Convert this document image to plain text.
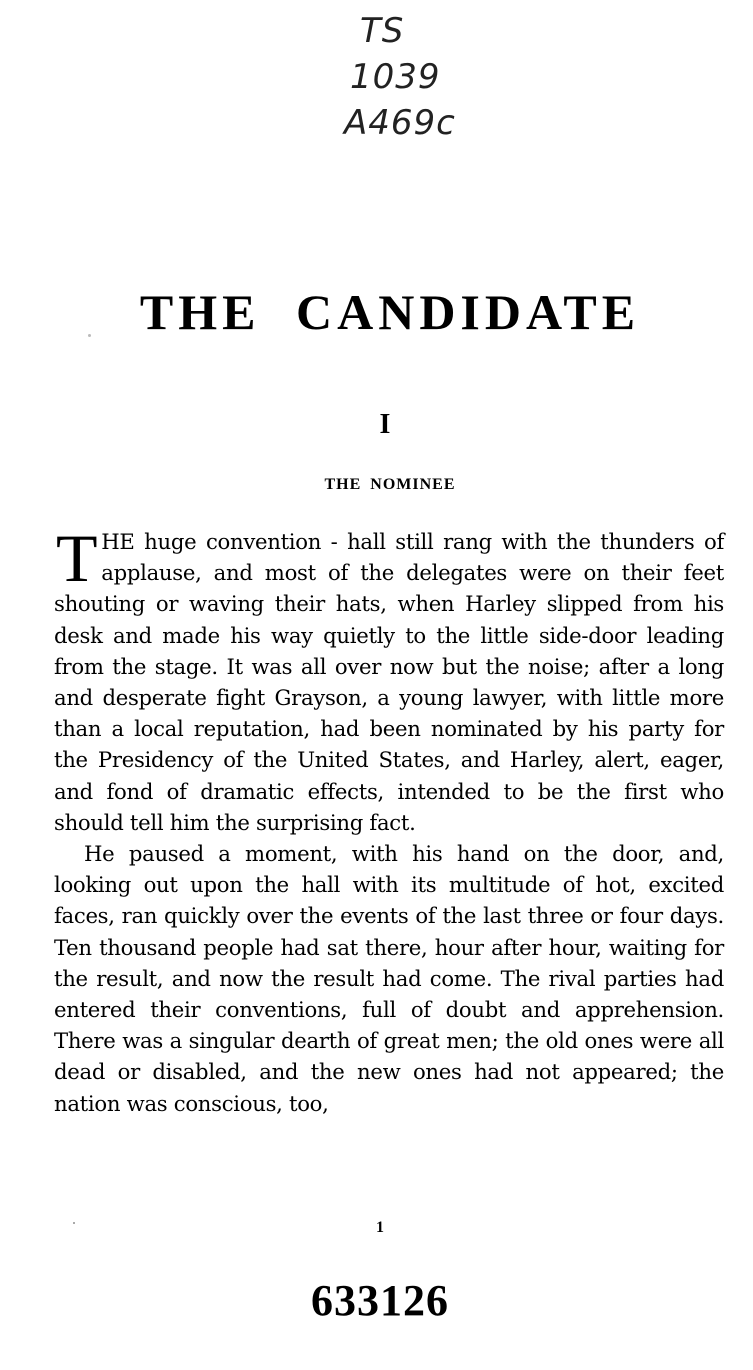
TS
1039
A469c
THE CANDIDATE
I
THE NOMINEE

THE huge convention - hall still rang with the thunders of applause, and most of the delegates were on their feet shouting or waving their hats, when Harley slipped from his desk and made his way quietly to the little side-door leading from the stage. It was all over now but the noise; after a long and desperate fight Grayson, a young lawyer, with little more than a local reputation, had been nominated by his party for the Presidency of the United States, and Harley, alert, eager, and fond of dramatic effects, intended to be the first who should tell him the surprising fact.

He paused a moment, with his hand on the door, and, looking out upon the hall with its multitude of hot, excited faces, ran quickly over the events of the last three or four days. Ten thousand people had sat there, hour after hour, waiting for the result, and now the result had come. The rival parties had entered their conventions, full of doubt and apprehension. There was a singular dearth of great men; the old ones were all dead or disabled, and the new ones had not appeared; the nation was conscious, too,

1
633126
